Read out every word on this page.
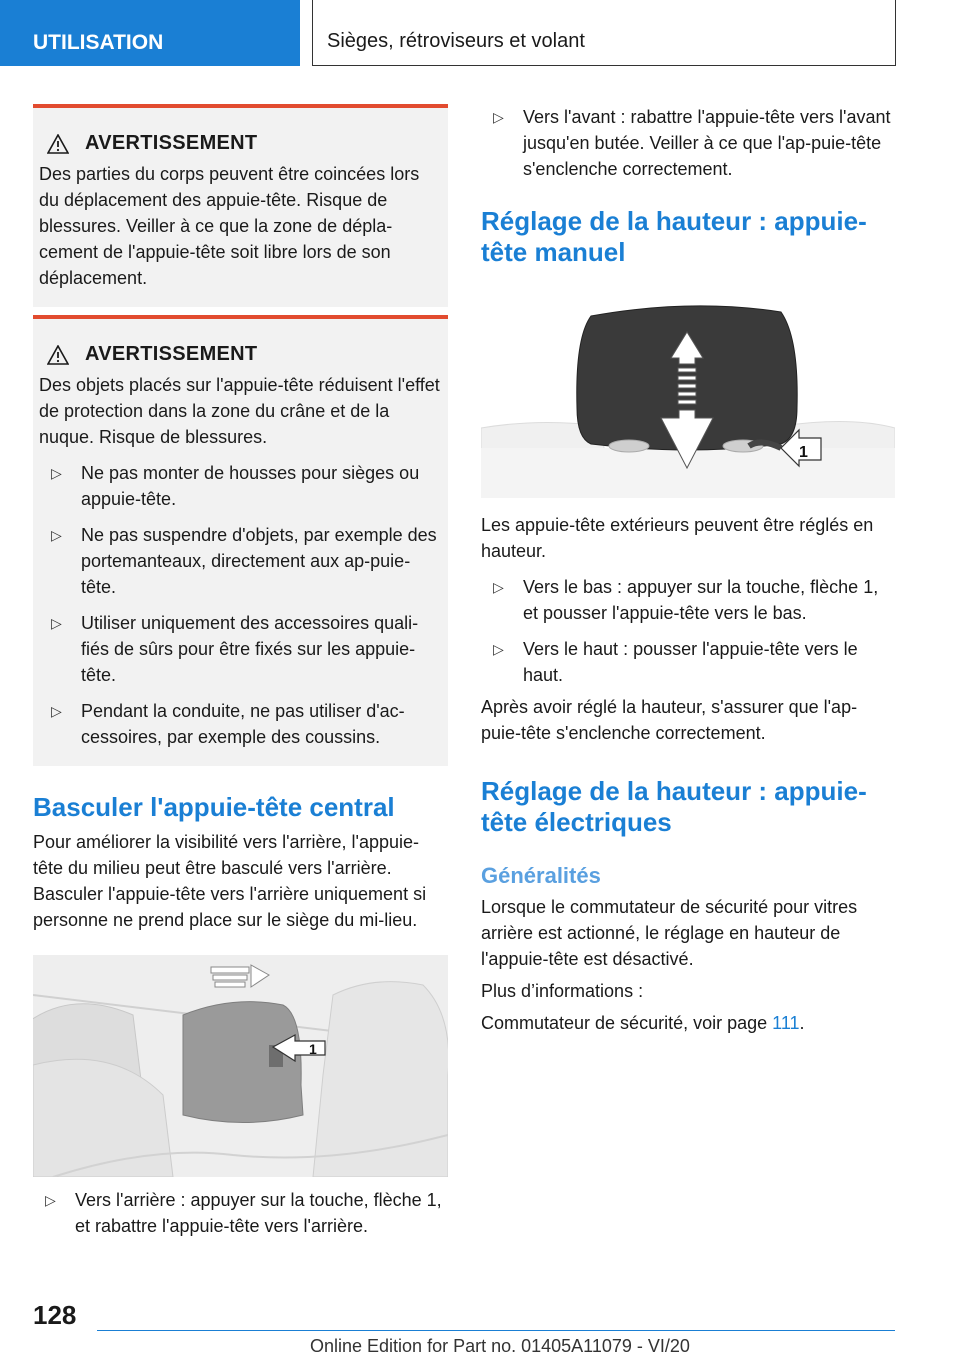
UTILISATION	Sièges, rétroviseurs et volant
AVERTISSEMENT

Des parties du corps peuvent être coincées lors du déplacement des appuie-tête. Risque de blessures. Veiller à ce que la zone de dépla-cement de l'appuie-tête soit libre lors de son déplacement.

AVERTISSEMENT

Des objets placés sur l'appuie-tête réduisent l'effet de protection dans la zone du crâne et de la nuque. Risque de blessures.

▷ Ne pas monter de housses pour sièges ou appuie-tête.
▷ Ne pas suspendre d'objets, par exemple des portemanteaux, directement aux ap-puie-tête.
▷ Utiliser uniquement des accessoires quali-fiés de sûrs pour être fixés sur les appuie-tête.
▷ Pendant la conduite, ne pas utiliser d'ac-cessoires, par exemple des coussins.
Basculer l'appuie-tête central

Pour améliorer la visibilité vers l'arrière, l'appuie-tête du milieu peut être basculé vers l'arrière. Basculer l'appuie-tête vers l'arrière uniquement si personne ne prend place sur le siège du mi-lieu.

1
▷ Vers l'arrière : appuyer sur la touche, flèche 1, et rabattre l'appuie-tête vers l'arrière.
▷ Vers l'avant : rabattre l'appuie-tête vers l'avant jusqu'en butée. Veiller à ce que l'ap-puie-tête s'enclenche correctement.
Réglage de la hauteur : appuie-tête manuel
1

Les appuie-tête extérieurs peuvent être réglés en hauteur.

▷ Vers le bas : appuyer sur la touche, flèche 1, et pousser l'appuie-tête vers le bas.
▷ Vers le haut : pousser l'appuie-tête vers le haut.

Après avoir réglé la hauteur, s'assurer que l'ap-puie-tête s'enclenche correctement.

Réglage de la hauteur : appuie-tête électriques
Généralités

Lorsque le commutateur de sécurité pour vitres arrière est actionné, le réglage en hauteur de l'appuie-tête est désactivé.

Plus d’informations :

Commutateur de sécurité, voir page 111.

128
Online Edition for Part no. 01405A11079 - VI/20
